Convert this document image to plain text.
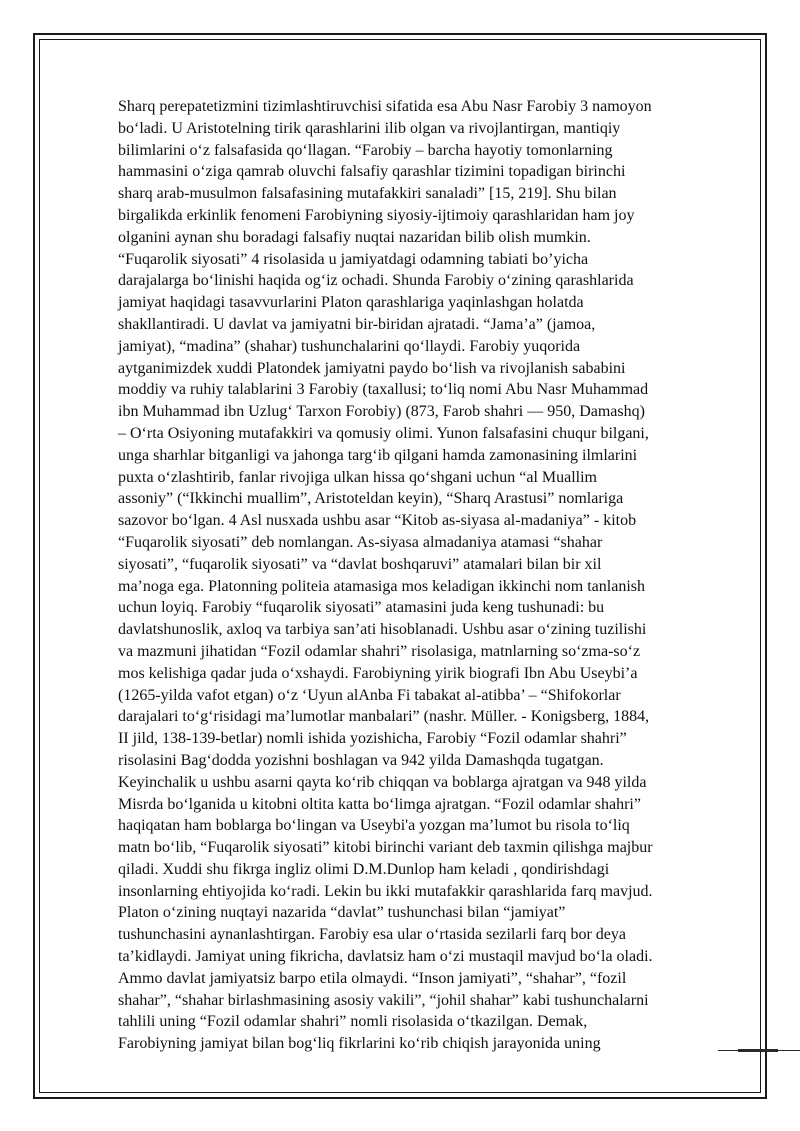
Sharq perepatetizmini tizimlashtiruvchisi sifatida esa Abu Nasr Farobiy 3 namoyon
bo‘ladi. U Aristotelning tirik qarashlarini ilib olgan va rivojlantirgan, mantiqiy
bilimlarini o‘z falsafasida qo‘llagan. “Farobiy – barcha hayotiy tomonlarning
hammasini o‘ziga qamrab oluvchi falsafiy qarashlar tizimini topadigan birinchi
sharq arab-musulmon falsafasining mutafakkiri sanaladi” [15, 219]. Shu bilan
birgalikda erkinlik fenomeni Farobiyning siyosiy-ijtimoiy qarashlaridan ham joy
olganini aynan shu boradagi falsafiy nuqtai nazaridan bilib olish mumkin.
“Fuqarolik siyosati” 4 risolasida u jamiyatdagi odamning tabiati bo’yicha
darajalarga bo‘linishi haqida og‘iz ochadi. Shunda Farobiy o‘zining qarashlarida
jamiyat haqidagi tasavvurlarini Platon qarashlariga yaqinlashgan holatda
shakllantiradi. U davlat va jamiyatni bir-biridan ajratadi. “Jama’a” (jamoa,
jamiyat), “madina” (shahar) tushunchalarini qo‘llaydi. Farobiy yuqorida
aytganimizdek xuddi Platondek jamiyatni paydo bo‘lish va rivojlanish sababini
moddiy va ruhiy talablarini 3 Farobiy (taxallusi; to‘liq nomi Abu Nasr Muhammad
ibn Muhammad ibn Uzlug‘ Tarxon Forobiy) (873, Farob shahri — 950, Damashq)
– O‘rta Osiyoning mutafakkiri va qomusiy olimi. Yunon falsafasini chuqur bilgani,
unga sharhlar bitganligi va jahonga targ‘ib qilgani hamda zamonasining ilmlarini
puxta o‘zlashtirib, fanlar rivojiga ulkan hissa qo‘shgani uchun “al Muallim
assoniy” (“Ikkinchi muallim”, Aristoteldan keyin), “Sharq Arastusi” nomlariga
sazovor bo‘lgan. 4 Asl nusxada ushbu asar “Kitob as-siyasa al-madaniya” - kitob
“Fuqarolik siyosati” deb nomlangan. As-siyasa almadaniya atamasi “shahar
siyosati”, “fuqarolik siyosati” va “davlat boshqaruvi” atamalari bilan bir xil
ma’noga ega. Platonning politeia atamasiga mos keladigan ikkinchi nom tanlanish
uchun loyiq. Farobiy “fuqarolik siyosati” atamasini juda keng tushunadi: bu
davlatshunoslik, axloq va tarbiya san’ati hisoblanadi. Ushbu asar o‘zining tuzilishi
va mazmuni jihatidan “Fozil odamlar shahri” risolasiga, matnlarning so‘zma-so‘z
mos kelishiga qadar juda o‘xshaydi. Farobiyning yirik biografi Ibn Abu Useybi’a
(1265-yilda vafot etgan) o‘z ‘Uyun alAnba Fi tabakat al-atibba’ – “Shifokorlar
darajalari to‘g‘risidagi ma’lumotlar manbalari” (nashr. Müller. - Konigsberg, 1884,
II jild, 138-139-betlar) nomli ishida yozishicha, Farobiy “Fozil odamlar shahri”
risolasini Bag‘dodda yozishni boshlagan va 942 yilda Damashqda tugatgan.
Keyinchalik u ushbu asarni qayta ko‘rib chiqqan va boblarga ajratgan va 948 yilda
Misrda bo‘lganida u kitobni oltita katta bo‘limga ajratgan. “Fozil odamlar shahri”
haqiqatan ham boblarga bo‘lingan va Useybi'a yozgan ma’lumot bu risola to‘liq
matn bo‘lib, “Fuqarolik siyosati” kitobi birinchi variant deb taxmin qilishga majbur
qiladi. Xuddi shu fikrga ingliz olimi D.M.Dunlop ham keladi , qondirishdagi
insonlarning ehtiyojida ko‘radi. Lekin bu ikki mutafakkir qarashlarida farq mavjud.
Platon o‘zining nuqtayi nazarida “davlat” tushunchasi bilan “jamiyat”
tushunchasini aynanlashtirgan. Farobiy esa ular o‘rtasida sezilarli farq bor deya
ta’kidlaydi. Jamiyat uning fikricha, davlatsiz ham o‘zi mustaqil mavjud bo‘la oladi.
Ammo davlat jamiyatsiz barpo etila olmaydi. “Inson jamiyati”, “shahar”, “fozil
shahar”, “shahar birlashmasining asosiy vakili”, “johil shahar” kabi tushunchalarni
tahlili uning “Fozil odamlar shahri” nomli risolasida o‘tkazilgan. Demak,
Farobiyning jamiyat bilan bog‘liq fikrlarini ko‘rib chiqish jarayonida uning
